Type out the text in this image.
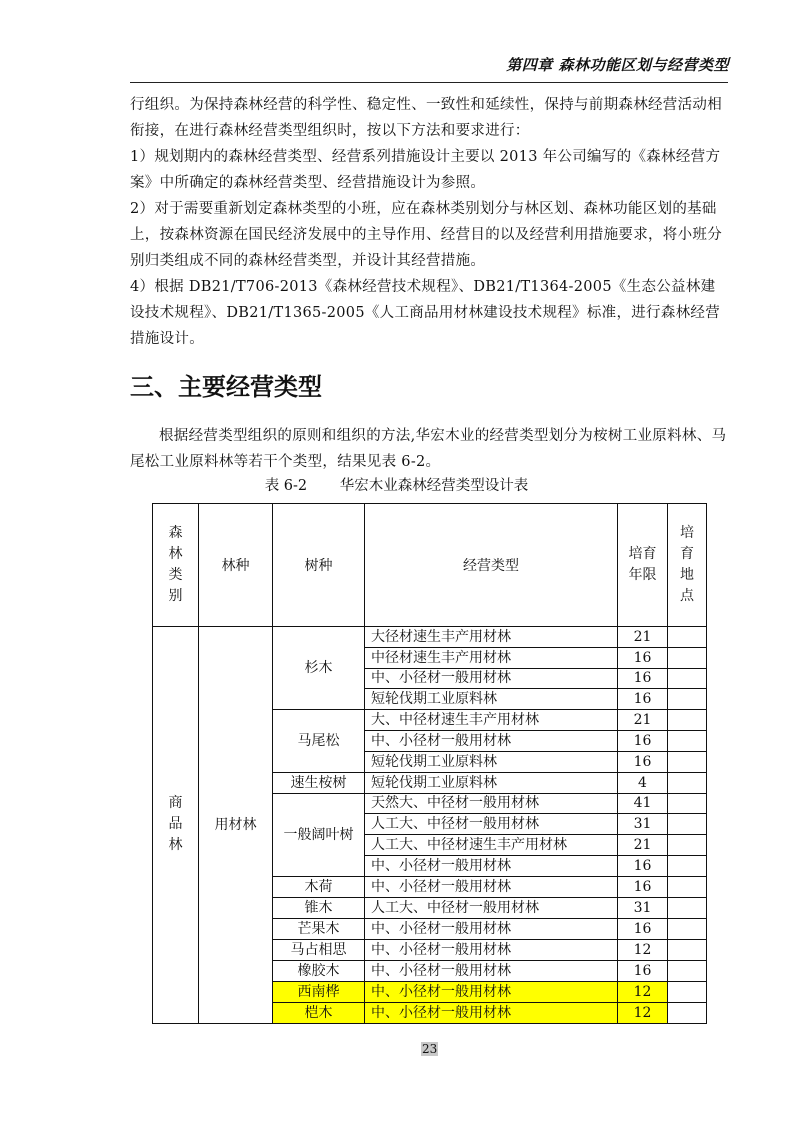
第四章 森林功能区划与经营类型

行组织。为保持森林经营的科学性、稳定性、一致性和延续性，保持与前期森林经营活动相衔接，在进行森林经营类型组织时，按以下方法和要求进行：

1）规划期内的森林经营类型、经营系列措施设计主要以 2013 年公司编写的《森林经营方案》中所确定的森林经营类型、经营措施设计为参照。

2）对于需要重新划定森林类型的小班，应在森林类别划分与林区划、森林功能区划的基础上，按森林资源在国民经济发展中的主导作用、经营目的以及经营利用措施要求，将小班分别归类组成不同的森林经营类型，并设计其经营措施。

4）根据 DB21/T706-2013《森林经营技术规程》、DB21/T1364-2005《生态公益林建设技术规程》、DB21/T1365-2005《人工商品用材林建设技术规程》标准，进行森林经营措施设计。

三、主要经营类型

根据经营类型组织的原则和组织的方法,华宏木业的经营类型划分为桉树工业原料林、马尾松工业原料林等若干个类型，结果见表 6-2。

表 6-2 华宏木业森林经营类型设计表
森林类别	林种	树种	经营类型	培育年限	培育地点
商品林	用材林	杉木	大径材速生丰产用材林	21	
			中径材速生丰产用材林	16	
			中、小径材一般用材林	16	
			短轮伐期工业原料林	16	
		马尾松	大、中径材速生丰产用材林	21	
			中、小径材一般用材林	16	
			短轮伐期工业原料林	16	
		速生桉树	短轮伐期工业原料林	4	
		一般阔叶树	天然大、中径材一般用材林	41	
			人工大、中径材一般用材林	31	
			人工大、中径材速生丰产用材林	21	
			中、小径材一般用材林	16	
		木荷	中、小径材一般用材林	16	
		锥木	人工大、中径材一般用材林	31	
		芒果木	中、小径材一般用材林	16	
		马占相思	中、小径材一般用材林	12	
		橡胶木	中、小径材一般用材林	16	
		西南桦	中、小径材一般用材林	12	
		桤木	中、小径材一般用材林	12	
23
